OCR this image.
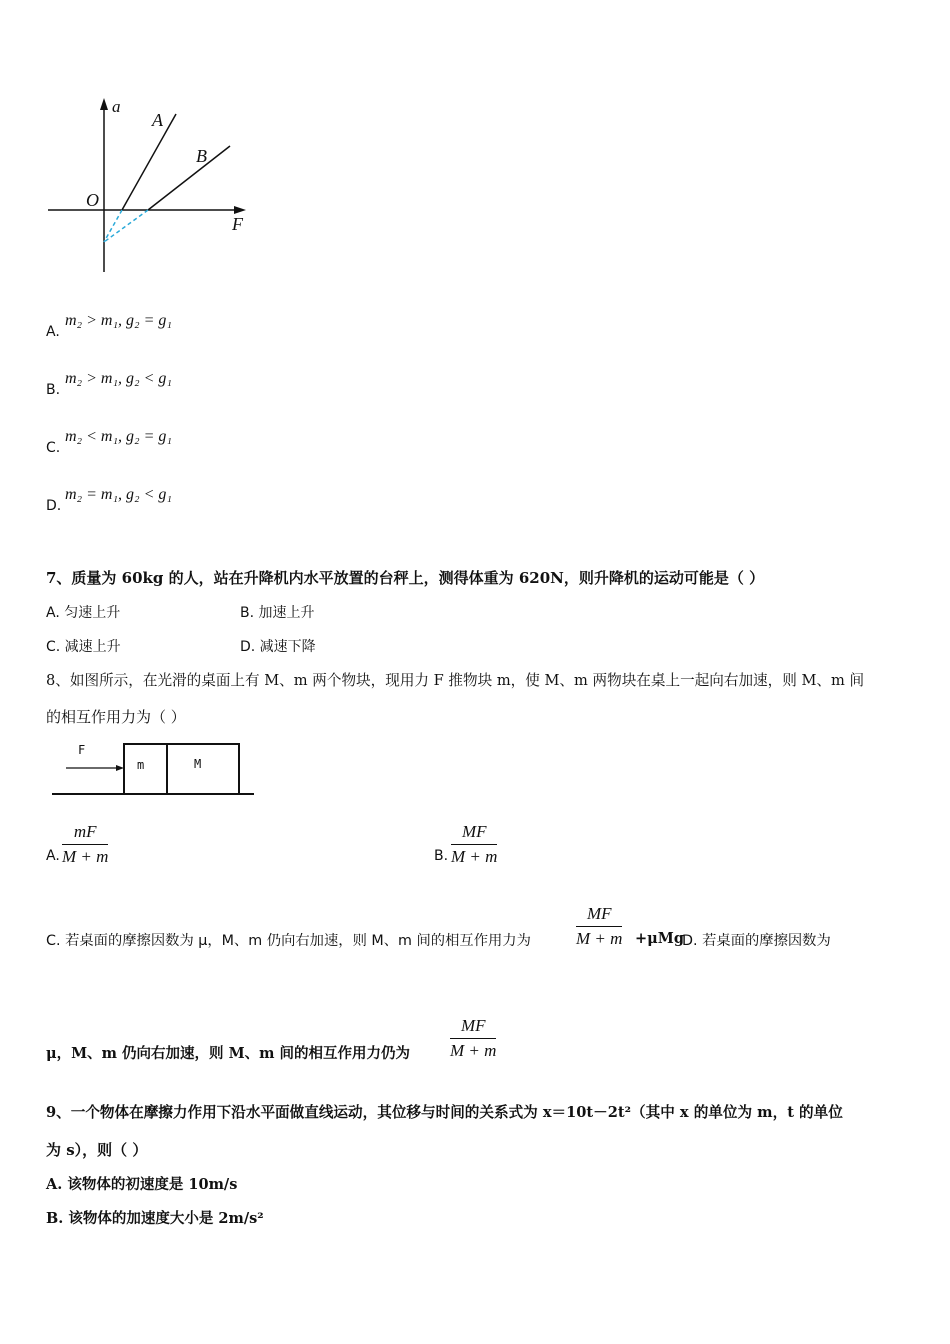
a
F
O
A
B
A.
m₂ > m₁, g₂ = g₁
B.
m₂ > m₁, g₂ < g₁
C.
m₂ < m₁, g₂ = g₁
D.
m₂ = m₁, g₂ < g₁
7、质量为 60kg 的人，站在升降机内水平放置的台秤上，测得体重为 620N，则升降机的运动可能是（ ）
A. 匀速上升	B. 加速上升
C. 减速上升	D. 减速下降
8、如图所示，在光滑的桌面上有 M、m 两个物块，现用力 F 推物块 m，使 M、m 两物块在桌上一起向右加速，则 M、m 间
的相互作用力为（ ）
F
m	M
A. $\frac{mF}{M + m}$	B. $\frac{MF}{M + m}$
C. 若桌面的摩擦因数为 μ，M、m 仍向右加速，则 M、m 间的相互作用力为	$\frac{MF}{M + m} +\mu Mg$
D. 若桌面的摩擦因数为
μ，M、m 仍向右加速，则 M、m 间的相互作用力仍为 $\frac{MF}{M + m}$
9、一个物体在摩擦力作用下沿水平面做直线运动，其位移与时间的关系式为 x＝10t－2t²（其中 x 的单位为 m，t 的单位
为 s），则（ ）
A. 该物体的初速度是 10m/s
B. 该物体的加速度大小是 2m/s²
